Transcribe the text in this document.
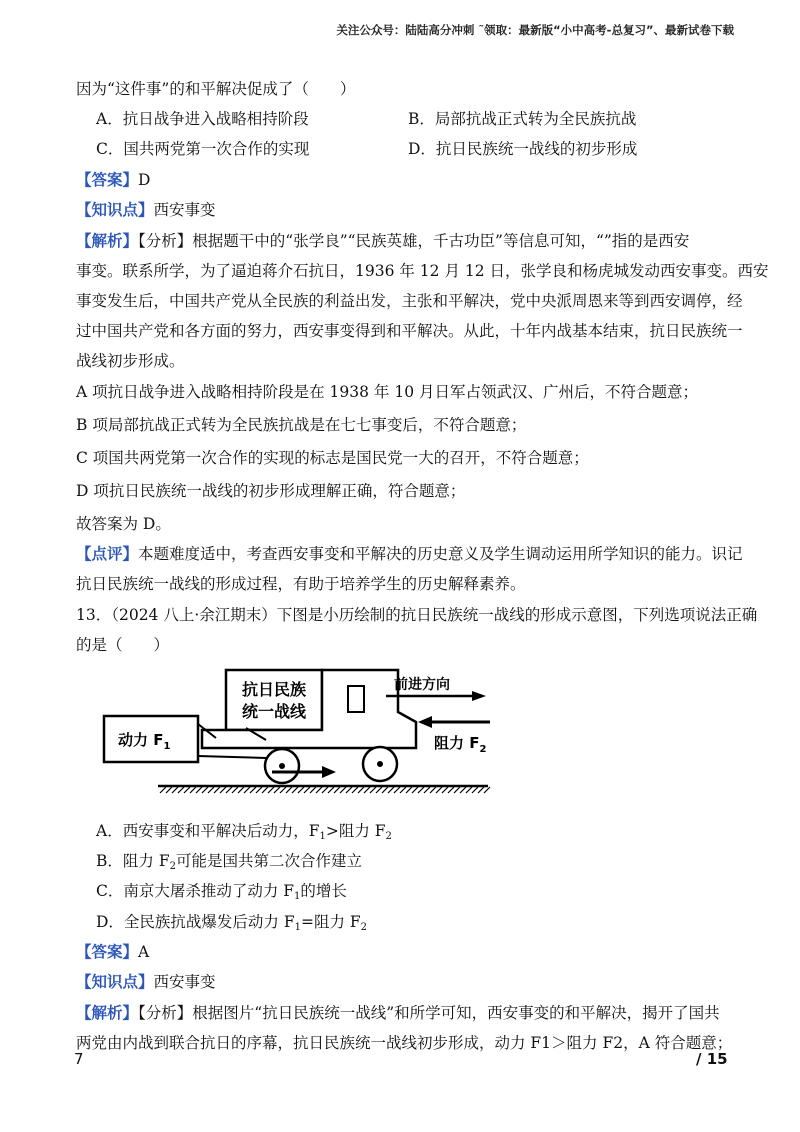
关注公众号：陆陆高分冲刺 ˜领取：最新版“小中高考-总复习”、最新试卷下载
因为“这件事”的和平解决促成了（　　）
A．抗日战争进入战略相持阶段	B．局部抗战正式转为全民族抗战
C．国共两党第一次合作的实现	D．抗日民族统一战线的初步形成
【答案】D
【知识点】西安事变
【解析】【分析】根据题干中的“张学良”“民族英雄，千古功臣”等信息可知，“”指的是西安
事变。联系所学，为了逼迫蒋介石抗日，1936 年 12 月 12 日，张学良和杨虎城发动西安事变。西安
事变发生后，中国共产党从全民族的利益出发，主张和平解决，党中央派周恩来等到西安调停，经
过中国共产党和各方面的努力，西安事变得到和平解决。从此，十年内战基本结束，抗日民族统一
战线初步形成。
A 项抗日战争进入战略相持阶段是在 1938 年 10 月日军占领武汉、广州后，不符合题意；
B 项局部抗战正式转为全民族抗战是在七七事变后，不符合题意；
C 项国共两党第一次合作的实现的标志是国民党一大的召开，不符合题意；
D 项抗日民族统一战线的初步形成理解正确，符合题意；
故答案为 D。
【点评】本题难度适中，考查西安事变和平解决的历史意义及学生调动运用所学知识的能力。识记
抗日民族统一战线的形成过程，有助于培养学生的历史解释素养。
13．（2024 八上·余江期末）下图是小历绘制的抗日民族统一战线的形成示意图，下列选项说法正确
的是（　　）
抗日民族
统一战线
动力 $F_1$
前进方向
阻力 $F_2$
A．西安事变和平解决后动力，$F_1>$阻力 $F_2$
B．阻力 $F_2$可能是国共第二次合作建立
C．南京大屠杀推动了动力 $F_1$的增长
D．全民族抗战爆发后动力 $F_1=$阻力 $F_2$
【答案】A
【知识点】西安事变
【解析】【分析】根据图片“抗日民族统一战线”和所学可知，西安事变的和平解决，揭开了国共
两党由内战到联合抗日的序幕，抗日民族统一战线初步形成，动力 F1＞阻力 F2，A 符合题意；
7	/ 15
